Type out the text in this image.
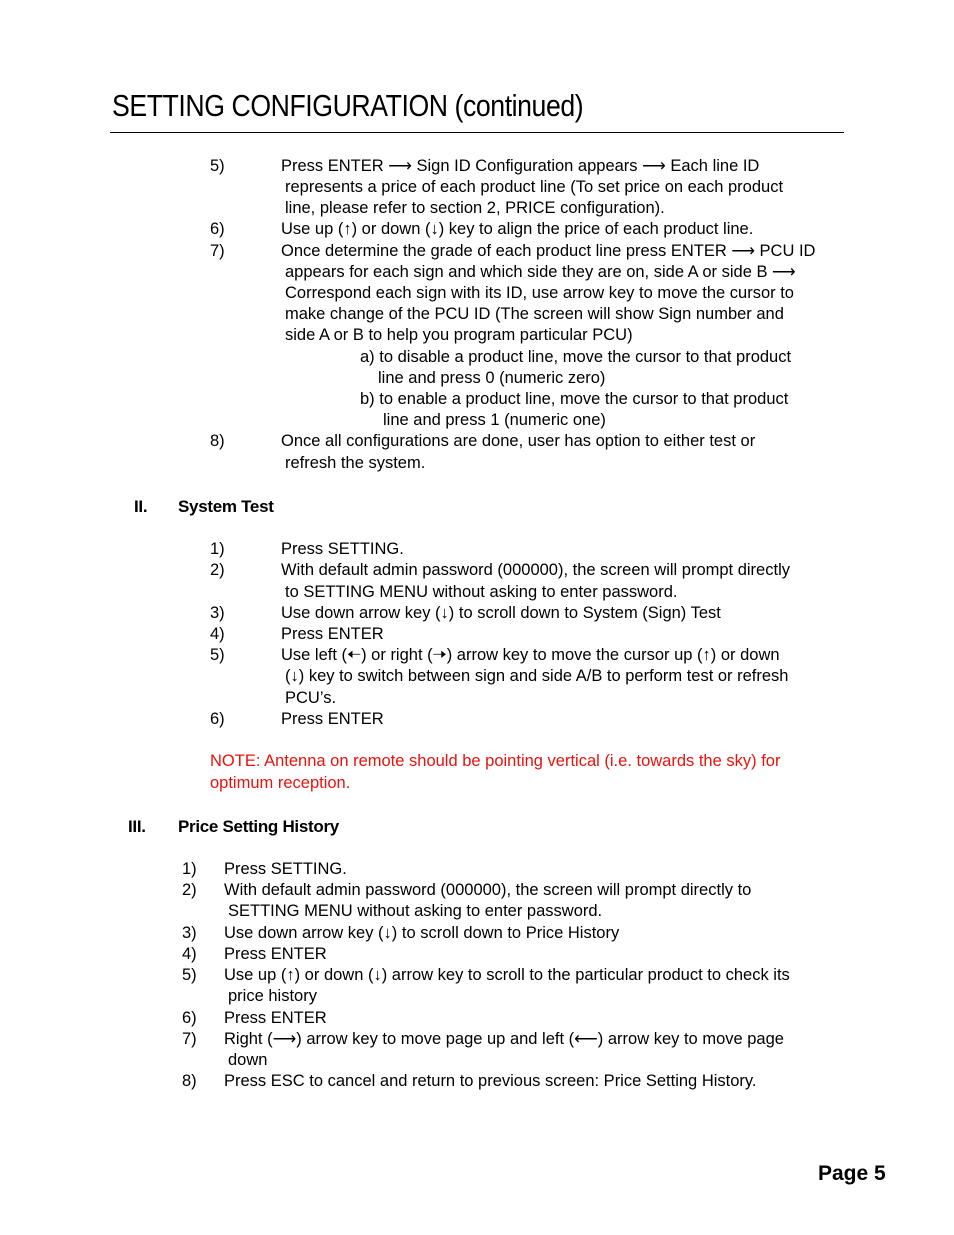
SETTING CONFIGURATION (continued)
5)	Press ENTER ⟶ Sign ID Configuration appears ⟶ Each line ID
represents a price of each product line (To set price on each product
line, please refer to section 2, PRICE configuration).
6)	Use up (↑) or down (↓) key to align the price of each product line.
7)	Once determine the grade of each product line press ENTER ⟶ PCU ID
appears for each sign and which side they are on, side A or side B ⟶
Correspond each sign with its ID, use arrow key to move the cursor to
make change of the PCU ID (The screen will show Sign number and
side A or B to help you program particular PCU)
a) to disable a product line, move the cursor to that product
line and press 0 (numeric zero)
b) to enable a product line, move the cursor to that product
line and press 1 (numeric one)
8)	Once all configurations are done, user has option to either test or
refresh the system.
II. System Test
1)	Press SETTING.
2)	With default admin password (000000), the screen will prompt directly
to SETTING MENU without asking to enter password.
3)	Use down arrow key (↓) to scroll down to System (Sign) Test
4)	Press ENTER
5)	Use left (🠠) or right (🠢) arrow key to move the cursor up (↑) or down
(↓) key to switch between sign and side A/B to perform test or refresh
PCU’s.
6)	Press ENTER
NOTE: Antenna on remote should be pointing vertical (i.e. towards the sky) for optimum reception.
III. Price Setting History
1) Press SETTING.
2) With default admin password (000000), the screen will prompt directly to
SETTING MENU without asking to enter password.
3) Use down arrow key (↓) to scroll down to Price History
4) Press ENTER
5) Use up (↑) or down (↓) arrow key to scroll to the particular product to check its
price history
6) Press ENTER
7) Right (⟶) arrow key to move page up and left (⟵) arrow key to move page
down
8) Press ESC to cancel and return to previous screen: Price Setting History.
Page 5
